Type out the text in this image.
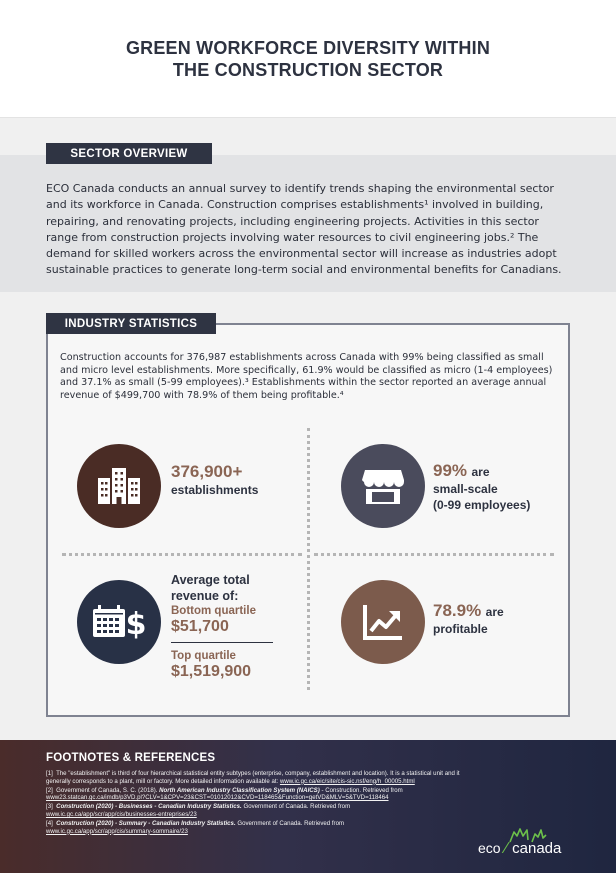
GREEN WORKFORCE DIVERSITY WITHIN
THE CONSTRUCTION SECTOR
SECTOR OVERVIEW

ECO Canada conducts an annual survey to identify trends shaping the environmental sector and its workforce in Canada. Construction comprises establishments¹ involved in building, repairing, and renovating projects, including engineering projects. Activities in this sector range from construction projects involving water resources to civil engineering jobs.² The demand for skilled workers across the environmental sector will increase as industries adopt sustainable practices to generate long-term social and environmental benefits for Canadians.

INDUSTRY STATISTICS

Construction accounts for 376,987 establishments across Canada with 99% being classified as small and micro level establishments. More specifically, 61.9% would be classified as micro (1-4 employees) and 37.1% as small (5-99 employees).³ Establishments within the sector reported an average annual revenue of $499,700 with 78.9% of them being profitable.⁴

376,900+
establishments
99% are
small-scale
(0-99 employees)
$
Average total
revenue of:
Bottom quartile
$51,700
Top quartile
$1,519,900
78.9% are
profitable
FOOTNOTES & REFERENCES
[1] The "establishment" is third of four hierarchical statistical entity subtypes (enterprise, company, establishment and location). It is a statistical unit and it generally corresponds to a plant, mill or factory. More detailed information available at: www.ic.gc.ca/eic/site/cis-sic.nsf/eng/h_00005.html
[2] Government of Canada, S. C. (2018). North American Industry Classification System (NAICS) - Construction. Retrieved from
www23.statcan.gc.ca/imdb/p3VD.pl?CLV=1&CPV=23&CST=01012012&CVD=118465&Function=getVD&MLV=5&TVD=118464
[3] Construction (2020) - Businesses - Canadian Industry Statistics. Government of Canada. Retrieved from
www.ic.gc.ca/app/scr/app/cis/businesses-entreprises/23
[4] Construction (2020) - Summary - Canadian Industry Statistics. Government of Canada. Retrieved from
www.ic.gc.ca/app/scr/app/cis/summary-sommaire/23
eco ∕ canada
